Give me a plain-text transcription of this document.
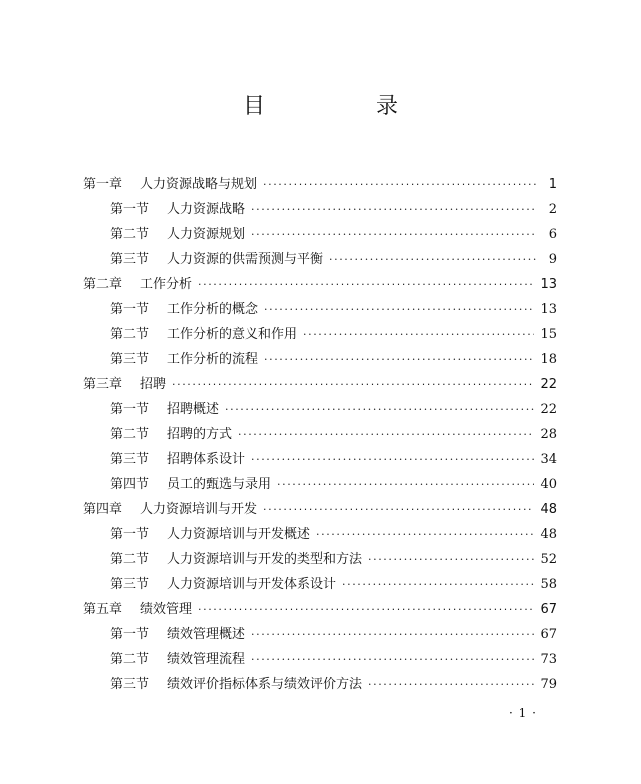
目 录
第一章	人力资源战略与规划 ·····	1
第一节	人力资源战略 ·····	2
第二节	人力资源规划 ·····	6
第三节	人力资源的供需预测与平衡 ·····	9
第二章	工作分析 ·····	13
第一节	工作分析的概念 ·····	13
第二节	工作分析的意义和作用 ·····	15
第三节	工作分析的流程 ·····	18
第三章	招聘 ·····	22
第一节	招聘概述 ·····	22
第二节	招聘的方式 ·····	28
第三节	招聘体系设计 ·····	34
第四节	员工的甄选与录用 ·····	40
第四章	人力资源培训与开发 ·····	48
第一节	人力资源培训与开发概述 ·····	48
第二节	人力资源培训与开发的类型和方法 ·····	52
第三节	人力资源培训与开发体系设计 ·····	58
第五章	绩效管理 ·····	67
第一节	绩效管理概述 ·····	67
第二节	绩效管理流程 ·····	73
第三节	绩效评价指标体系与绩效评价方法 ·····	79
· 1 ·
